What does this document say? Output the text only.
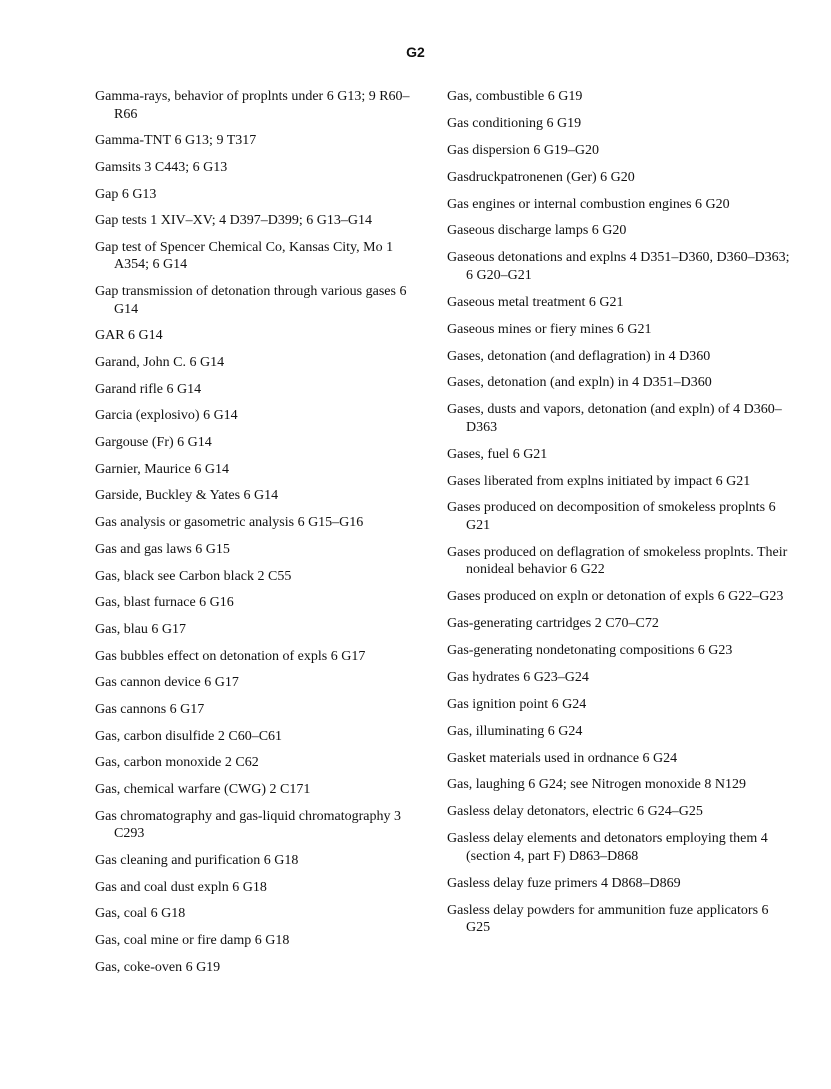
G2
Gamma-rays, behavior of proplnts under 6 G13; 9 R60–R66
Gamma-TNT 6 G13; 9 T317
Gamsits 3 C443; 6 G13
Gap 6 G13
Gap tests 1 XIV–XV; 4 D397–D399; 6 G13–G14
Gap test of Spencer Chemical Co, Kansas City, Mo 1 A354; 6 G14
Gap transmission of detonation through various gases 6 G14
GAR 6 G14
Garand, John C. 6 G14
Garand rifle 6 G14
Garcia (explosivo) 6 G14
Gargouse (Fr) 6 G14
Garnier, Maurice 6 G14
Garside, Buckley & Yates 6 G14
Gas analysis or gasometric analysis 6 G15–G16
Gas and gas laws 6 G15
Gas, black see Carbon black 2 C55
Gas, blast furnace 6 G16
Gas, blau 6 G17
Gas bubbles effect on detonation of expls 6 G17
Gas cannon device 6 G17
Gas cannons 6 G17
Gas, carbon disulfide 2 C60–C61
Gas, carbon monoxide 2 C62
Gas, chemical warfare (CWG) 2 C171
Gas chromatography and gas-liquid chromatography 3 C293
Gas cleaning and purification 6 G18
Gas and coal dust expln 6 G18
Gas, coal 6 G18
Gas, coal mine or fire damp 6 G18
Gas, coke-oven 6 G19
Gas, combustible 6 G19
Gas conditioning 6 G19
Gas dispersion 6 G19–G20
Gasdruckpatronenen (Ger) 6 G20
Gas engines or internal combustion engines 6 G20
Gaseous discharge lamps 6 G20
Gaseous detonations and explns 4 D351–D360, D360–D363; 6 G20–G21
Gaseous metal treatment 6 G21
Gaseous mines or fiery mines 6 G21
Gases, detonation (and deflagration) in 4 D360
Gases, detonation (and expln) in 4 D351–D360
Gases, dusts and vapors, detonation (and expln) of 4 D360–D363
Gases, fuel 6 G21
Gases liberated from explns initiated by impact 6 G21
Gases produced on decomposition of smokeless proplnts 6 G21
Gases produced on deflagration of smokeless proplnts. Their nonideal behavior 6 G22
Gases produced on expln or detonation of expls 6 G22–G23
Gas-generating cartridges 2 C70–C72
Gas-generating nondetonating compositions 6 G23
Gas hydrates 6 G23–G24
Gas ignition point 6 G24
Gas, illuminating 6 G24
Gasket materials used in ordnance 6 G24
Gas, laughing 6 G24; see Nitrogen monoxide 8 N129
Gasless delay detonators, electric 6 G24–G25
Gasless delay elements and detonators employing them 4 (section 4, part F) D863–D868
Gasless delay fuze primers 4 D868–D869
Gasless delay powders for ammunition fuze applicators 6 G25
